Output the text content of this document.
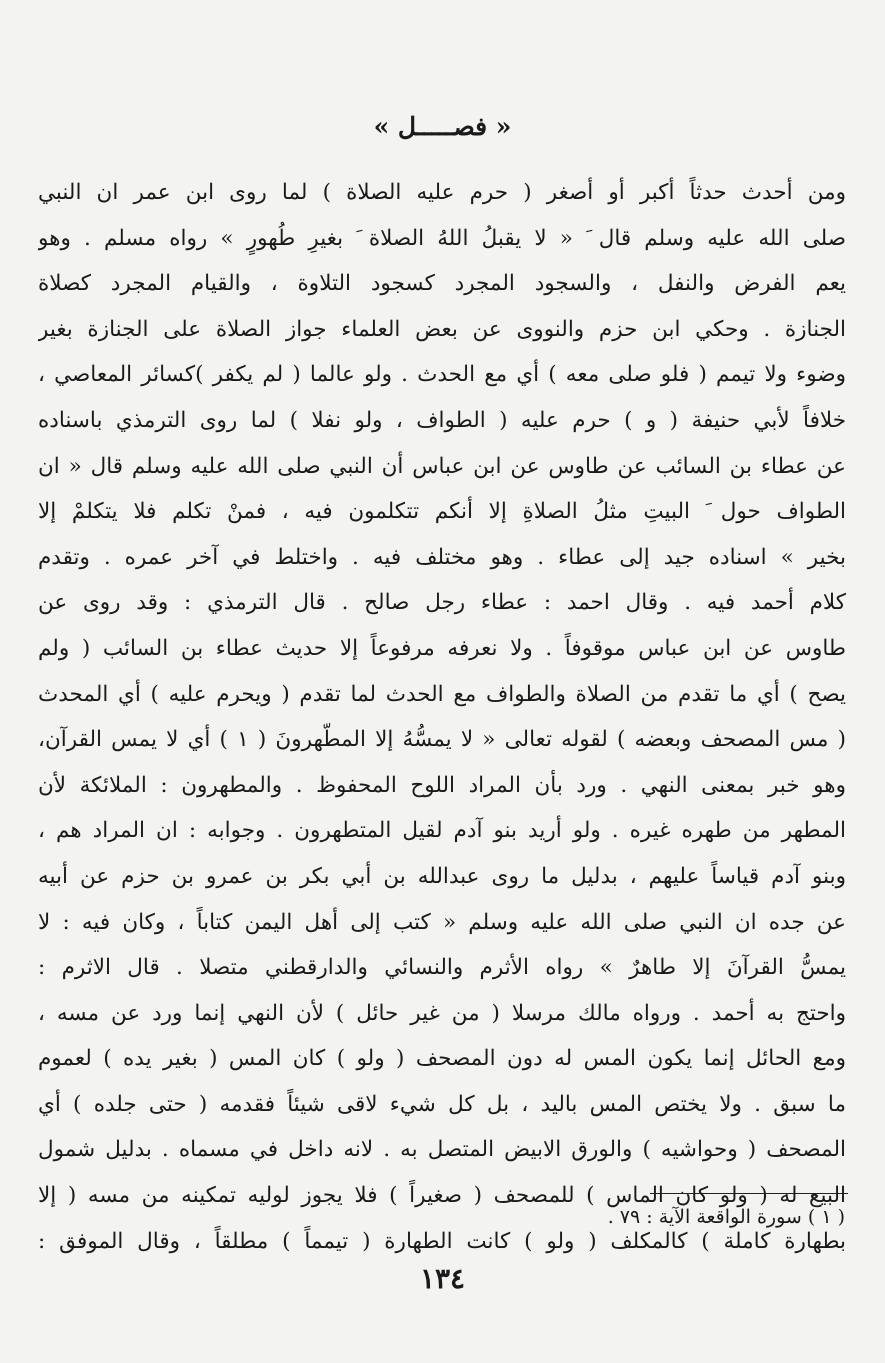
« فصـــــل »
ومن أحدث حدثاً أكبر أو أصغر ( حرم عليه الصلاة ) لما روى ابن عمر ان النبي
صلى الله عليه وسلم قال َ « لا يقبلُ اللهُ الصلاة َ بغيرِ طُهورٍ » رواه مسلم . وهو
يعم الفرض والنفل ، والسجود المجرد كسجود التلاوة ، والقيام المجرد كصلاة
الجنازة . وحكي ابن حزم والنووى عن بعض العلماء جواز الصلاة على الجنازة بغير
وضوء ولا تيمم ( فلو صلى معه ) أي مع الحدث . ولو عالما ( لم يكفر )كسائر المعاصي ،
خلافاً لأبي حنيفة ( و ) حرم عليه ( الطواف ، ولو نفلا ) لما روى الترمذي باسناده
عن عطاء بن السائب عن طاوس عن ابن عباس أن النبي صلى الله عليه وسلم قال « ان
الطواف حول َ البيتِ مثلُ الصلاةِ إلا أنكم تتكلمون فيه ، فمنْ تكلم فلا يتكلمْ إلا
بخير » اسناده جيد إلى عطاء . وهو مختلف فيه . واختلط في آخر عمره . وتقدم
كلام أحمد فيه . وقال احمد : عطاء رجل صالح . قال الترمذي : وقد روى عن
طاوس عن ابن عباس موقوفاً . ولا نعرفه مرفوعاً إلا حديث عطاء بن السائب ( ولم
يصح ) أي ما تقدم من الصلاة والطواف مع الحدث لما تقدم ( ويحرم عليه ) أي المحدث
( مس المصحف وبعضه ) لقوله تعالى « لا يمسُّهُ إلا المطّهرونَ ( ١ ) أي لا يمس القرآن،
وهو خبر بمعنى النهي . ورد بأن المراد اللوح المحفوظ . والمطهرون : الملائكة لأن
المطهر من طهره غيره . ولو أريد بنو آدم لقيل المتطهرون . وجوابه : ان المراد هم ،
وبنو آدم قياساً عليهم ، بدليل ما روى عبدالله بن أبي بكر بن عمرو بن حزم عن أبيه
عن جده ان النبي صلى الله عليه وسلم « كتب إلى أهل اليمن كتاباً ، وكان فيه : لا
يمسُّ القرآنَ إلا طاهرٌ » رواه الأثرم والنسائي والدارقطني متصلا . قال الاثرم :
واحتج به أحمد . ورواه مالك مرسلا ( من غير حائل ) لأن النهي إنما ورد عن مسه ،
ومع الحائل إنما يكون المس له دون المصحف ( ولو ) كان المس ( بغير يده ) لعموم
ما سبق . ولا يختص المس باليد ، بل كل شيء لاقى شيئاً فقدمه ( حتى جلده ) أي
المصحف ( وحواشيه ) والورق الابيض المتصل به . لانه داخل في مسماه . بدليل شمول
البيع له ( ولو كان الماس ) للمصحف ( صغيراً ) فلا يجوز لوليه تمكينه من مسه ( إلا
بطهارة كاملة ) كالمكلف ( ولو ) كانت الطهارة ( تيمماً ) مطلقاً ، وقال الموفق :
( ١ ) سورة الواقعة الآية : ٧٩ .
١٣٤
